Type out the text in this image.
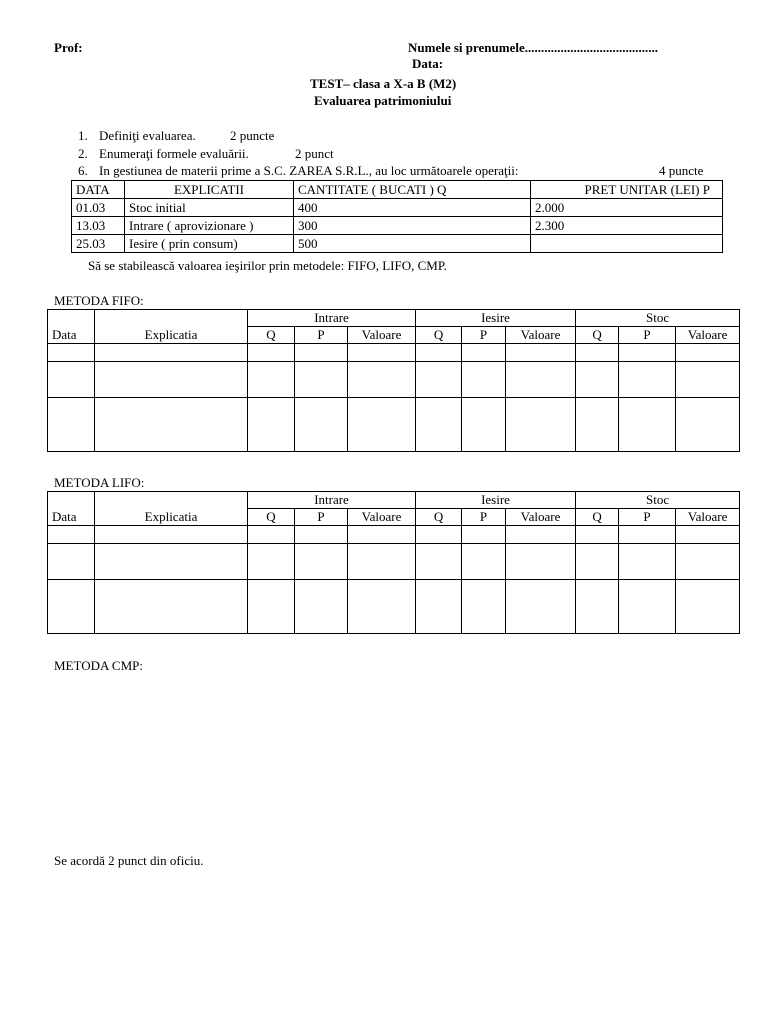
Prof:	Numele si prenumele.........................................
Data:
TEST– clasa a X-a B (M2)
Evaluarea patrimoniului
1. Definiţi evaluarea.	2 puncte
2. Enumeraţi formele evaluării.	2 punct
6. In gestiunea de materii prime a S.C. ZAREA S.R.L., au loc următoarele operaţii:	4 puncte
DATA	EXPLICATII	CANTITATE ( BUCATI ) Q	PRET UNITAR (LEI) P
01.03	Stoc initial	400	2.000
13.03	Intrare ( aprovizionare )	300	2.300
25.03	Iesire ( prin consum)	500	
Să se stabilească valoarea ieşirilor prin metodele: FIFO, LIFO, CMP.
METODA FIFO:
Data	Explicatia	Intrare			Iesire			Stoc		
		Q	P	Valoare	Q	P	Valoare	Q	P	Valoare

METODA LIFO:
Data	Explicatia	Intrare			Iesire			Stoc		
		Q	P	Valoare	Q	P	Valoare	Q	P	Valoare

METODA CMP:
Se acordă 2 punct din oficiu.
